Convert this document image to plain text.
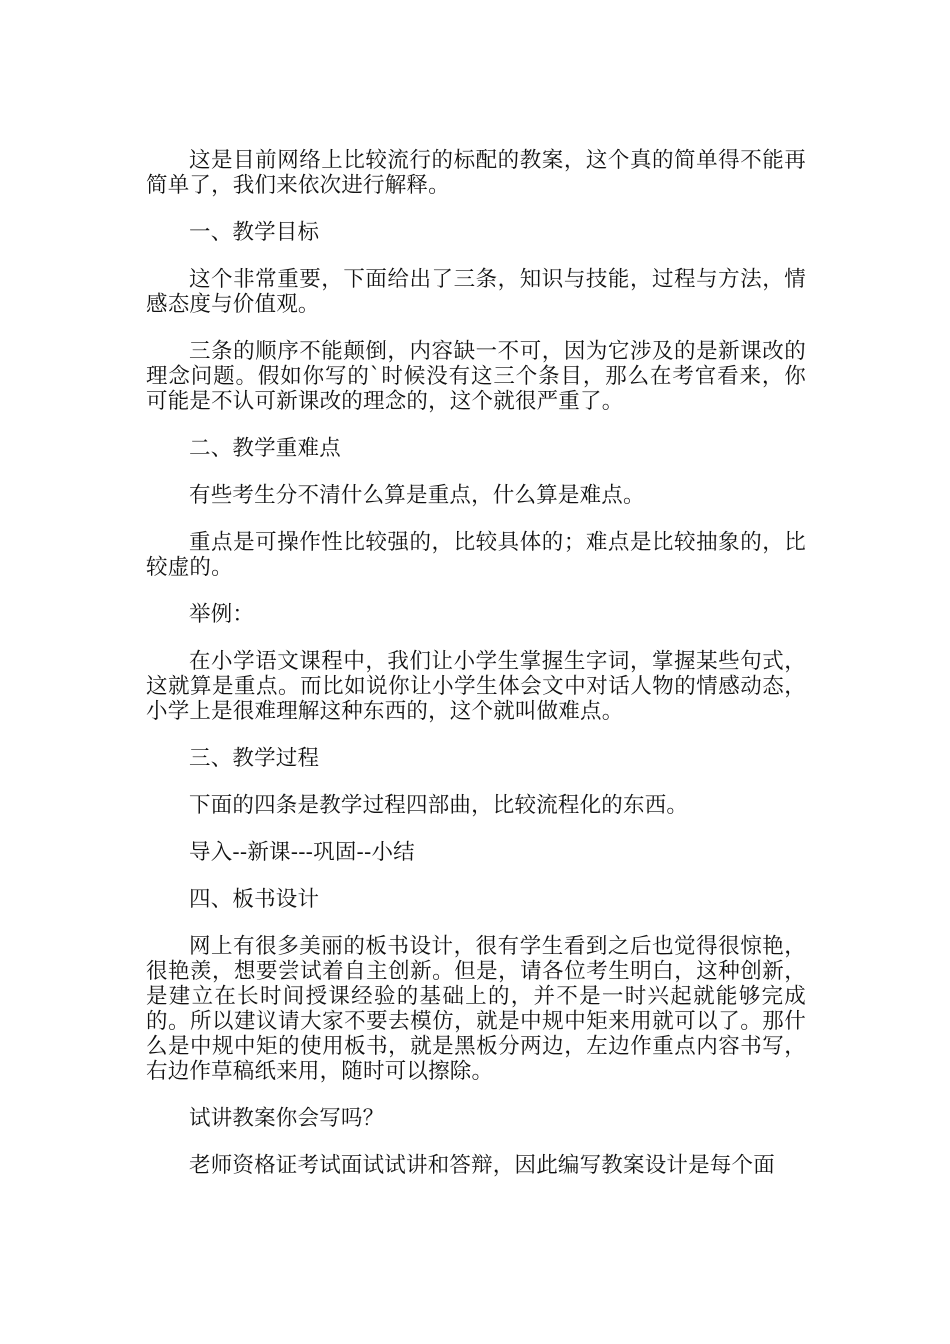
这是目前网络上比较流行的标配的教案，这个真的简单得不能再简单了，我们来依次进行解释。

一、教学目标

这个非常重要，下面给出了三条，知识与技能，过程与方法，情感态度与价值观。

三条的顺序不能颠倒，内容缺一不可，因为它涉及的是新课改的理念问题。假如你写的`时候没有这三个条目，那么在考官看来，你可能是不认可新课改的理念的，这个就很严重了。

二、教学重难点

有些考生分不清什么算是重点，什么算是难点。

重点是可操作性比较强的，比较具体的；难点是比较抽象的，比较虚的。

举例：

在小学语文课程中，我们让小学生掌握生字词，掌握某些句式，这就算是重点。而比如说你让小学生体会文中对话人物的情感动态，小学上是很难理解这种东西的，这个就叫做难点。

三、教学过程

下面的四条是教学过程四部曲，比较流程化的东西。

导入--新课---巩固--小结

四、板书设计

网上有很多美丽的板书设计，很有学生看到之后也觉得很惊艳，很艳羡，想要尝试着自主创新。但是，请各位考生明白，这种创新，是建立在长时间授课经验的基础上的，并不是一时兴起就能够完成的。所以建议请大家不要去模仿，就是中规中矩来用就可以了。那什么是中规中矩的使用板书，就是黑板分两边，左边作重点内容书写，右边作草稿纸来用，随时可以擦除。

试讲教案你会写吗？

老师资格证考试面试试讲和答辩，因此编写教案设计是每个面
